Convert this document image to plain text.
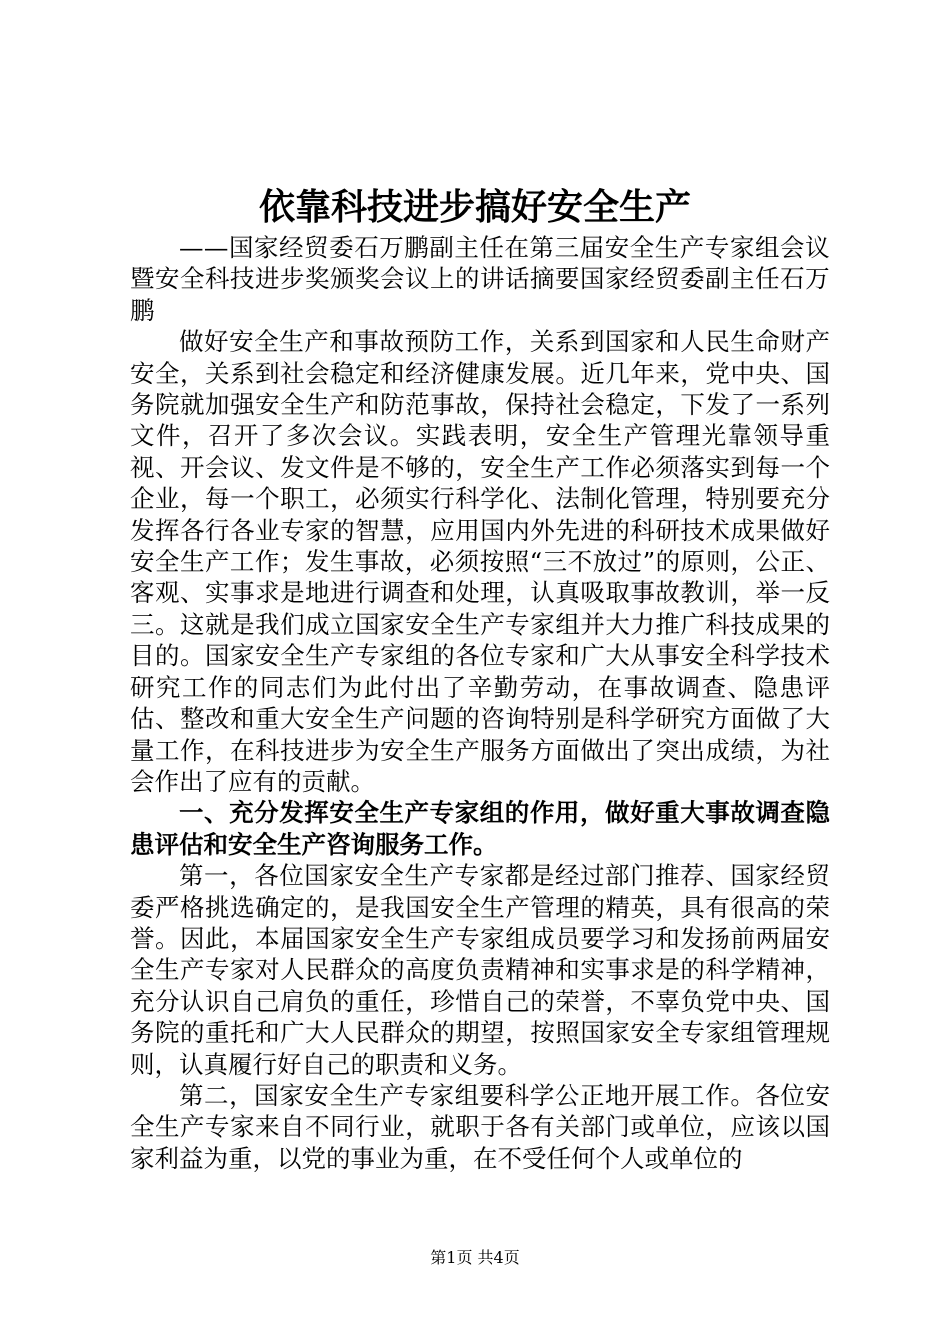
依靠科技进步搞好安全生产

——国家经贸委石万鹏副主任在第三届安全生产专家组会议暨安全科技进步奖颁奖会议上的讲话摘要国家经贸委副主任石万鹏

做好安全生产和事故预防工作，关系到国家和人民生命财产安全，关系到社会稳定和经济健康发展。近几年来，党中央、国务院就加强安全生产和防范事故，保持社会稳定，下发了一系列文件，召开了多次会议。实践表明，安全生产管理光靠领导重视、开会议、发文件是不够的，安全生产工作必须落实到每一个企业，每一个职工，必须实行科学化、法制化管理，特别要充分发挥各行各业专家的智慧，应用国内外先进的科研技术成果做好安全生产工作；发生事故，必须按照“三不放过”的原则，公正、客观、实事求是地进行调查和处理，认真吸取事故教训，举一反三。这就是我们成立国家安全生产专家组并大力推广科技成果的目的。国家安全生产专家组的各位专家和广大从事安全科学技术研究工作的同志们为此付出了辛勤劳动，在事故调查、隐患评估、整改和重大安全生产问题的咨询特别是科学研究方面做了大量工作，在科技进步为安全生产服务方面做出了突出成绩，为社会作出了应有的贡献。

一、充分发挥安全生产专家组的作用，做好重大事故调查隐患评估和安全生产咨询服务工作。

第一，各位国家安全生产专家都是经过部门推荐、国家经贸委严格挑选确定的，是我国安全生产管理的精英，具有很高的荣誉。因此，本届国家安全生产专家组成员要学习和发扬前两届安全生产专家对人民群众的高度负责精神和实事求是的科学精神，充分认识自己肩负的重任，珍惜自己的荣誉，不辜负党中央、国务院的重托和广大人民群众的期望，按照国家安全专家组管理规则，认真履行好自己的职责和义务。

第二，国家安全生产专家组要科学公正地开展工作。各位安全生产专家来自不同行业，就职于各有关部门或单位，应该以国家利益为重，以党的事业为重，在不受任何个人或单位的

第1页 共4页
